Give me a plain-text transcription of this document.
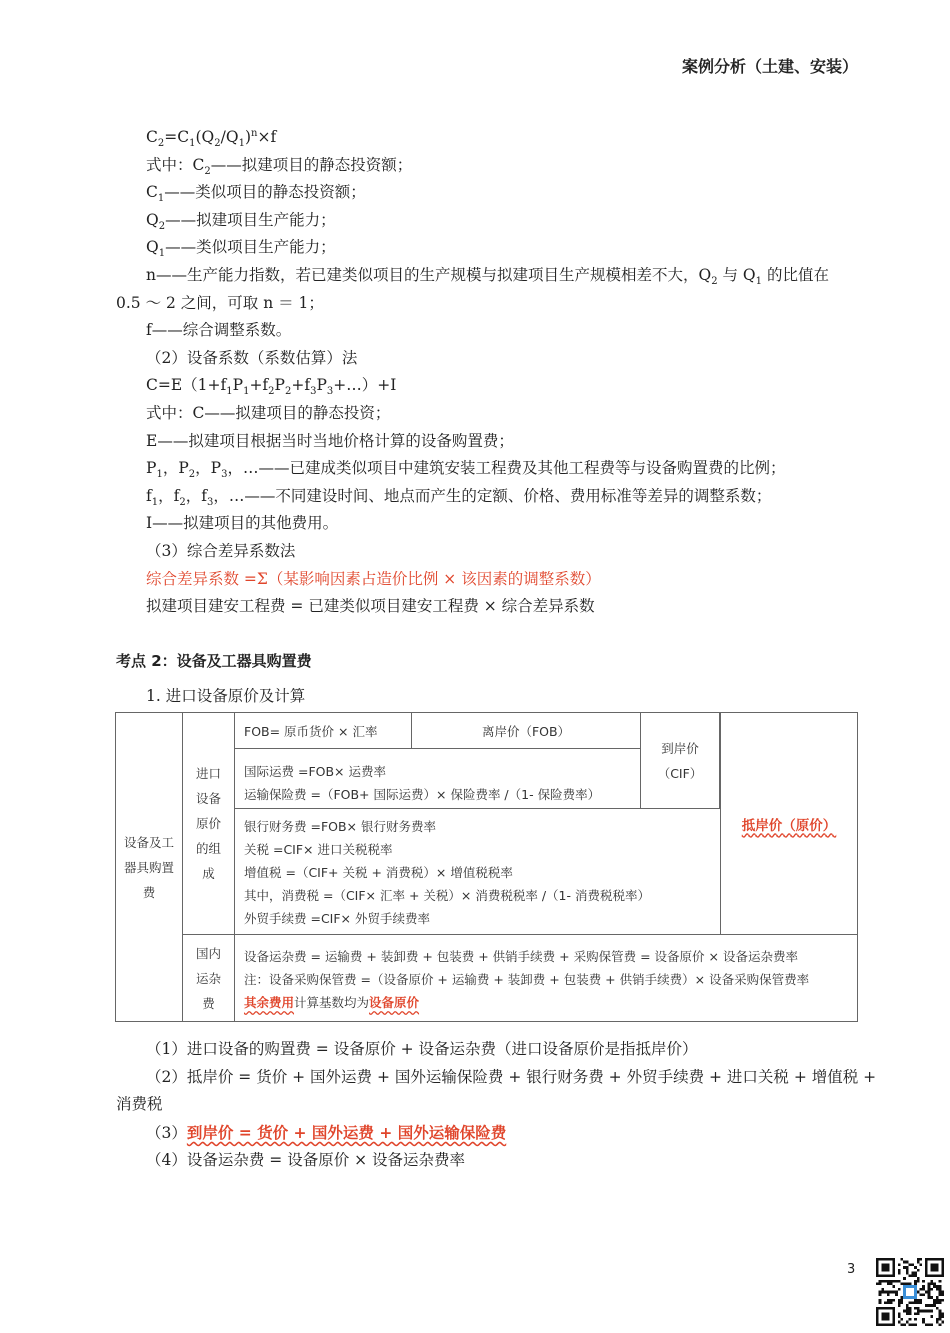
案例分析（土建、安装）
$C_2=C_1(Q_2/Q_1)^n\times f$
式中：$C_2——$拟建项目的静态投资额；
$C_1——$类似项目的静态投资额；
$Q_2——$拟建项目生产能力；
$Q_1——$类似项目生产能力；
n——生产能力指数，若已建类似项目的生产规模与拟建项目生产规模相差不大，$Q_2$ 与 $Q_1$ 的比值在
0.5 ～ 2 之间，可取 n ＝ 1；
f——综合调整系数。
（2）设备系数（系数估算）法
$C=E(1+f_1P_1+f_2P_2+f_3P_3+\dots)+I$
式中：C——拟建项目的静态投资；
E——拟建项目根据当时当地价格计算的设备购置费；
$P_1$，$P_2$，$P_3$，…——已建成类似项目中建筑安装工程费及其他工程费等与设备购置费的比例；
$f_1$，$f_2$，$f_3$，…——不同建设时间、地点而产生的定额、价格、费用标准等差异的调整系数；
I——拟建项目的其他费用。
（3）综合差异系数法
综合差异系数 =Σ（某影响因素占造价比例 × 该因素的调整系数）
拟建项目建安工程费 = 已建类似项目建安工程费 × 综合差异系数
考点 2：设备及工器具购置费
1. 进口设备原价及计算
设备及工器具购置费
进口设备原价的组成
国内运杂费
FOB= 原币货价 × 汇率	离岸价（FOB）
国际运费 =FOB× 运费率
运输保险费 =（FOB+ 国际运费）× 保险费率 /（1- 保险费率）
到岸价（CIF）
银行财务费 =FOB× 银行财务费率
关税 =CIF× 进口关税税率
增值税 =（CIF+ 关税 + 消费税）× 增值税税率
其中，消费税 =（CIF× 汇率 + 关税）× 消费税税率 /（1- 消费税税率）
外贸手续费 =CIF× 外贸手续费率
抵岸价（原价）
设备运杂费 = 运输费 + 装卸费 + 包装费 + 供销手续费 + 采购保管费 = 设备原价 × 设备运杂费率
注：设备采购保管费 =（设备原价 + 运输费 + 装卸费 + 包装费 + 供销手续费）× 设备采购保管费率
其余费用计算基数均为设备原价
（1）进口设备的购置费 = 设备原价 + 设备运杂费（进口设备原价是指抵岸价）
（2）抵岸价 = 货价 + 国外运费 + 国外运输保险费 + 银行财务费 + 外贸手续费 + 进口关税 + 增值税 +
消费税
（3）到岸价 = 货价 + 国外运费 + 国外运输保险费
（4）设备运杂费 = 设备原价 × 设备运杂费率
3
